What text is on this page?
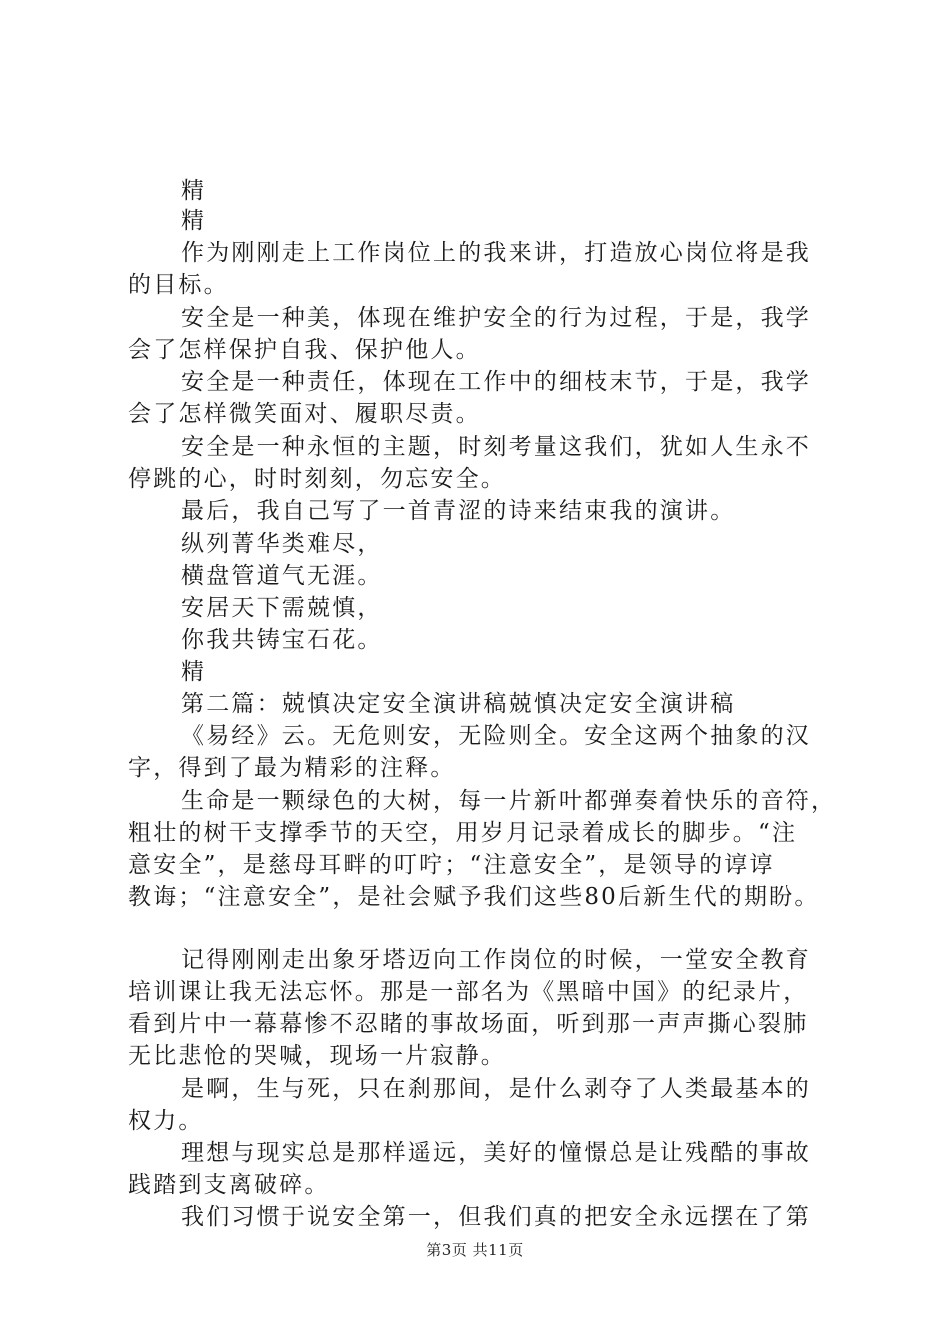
精
精
作为刚刚走上工作岗位上的我来讲，打造放心岗位将是我
的目标。
安全是一种美，体现在维护安全的行为过程，于是，我学
会了怎样保护自我、保护他人。
安全是一种责任，体现在工作中的细枝末节，于是，我学
会了怎样微笑面对、履职尽责。
安全是一种永恒的主题，时刻考量这我们，犹如人生永不
停跳的心，时时刻刻，勿忘安全。
最后，我自己写了一首青涩的诗来结束我的演讲。
纵列菁华类难尽，
横盘管道气无涯。
安居天下需兢慎，
你我共铸宝石花。
精
第二篇：兢慎决定安全演讲稿兢慎决定安全演讲稿
《易经》云。无危则安，无险则全。安全这两个抽象的汉
字，得到了最为精彩的注释。
生命是一颗绿色的大树，每一片新叶都弹奏着快乐的音符，
粗壮的树干支撑季节的天空，用岁月记录着成长的脚步。“注
意安全”，是慈母耳畔的叮咛；“注意安全”，是领导的谆谆
教诲；“注意安全”，是社会赋予我们这些80后新生代的期盼。
记得刚刚走出象牙塔迈向工作岗位的时候，一堂安全教育
培训课让我无法忘怀。那是一部名为《黑暗中国》的纪录片，
看到片中一幕幕惨不忍睹的事故场面，听到那一声声撕心裂肺
无比悲怆的哭喊，现场一片寂静。
是啊，生与死，只在刹那间，是什么剥夺了人类最基本的
权力。
理想与现实总是那样遥远，美好的憧憬总是让残酷的事故
践踏到支离破碎。
我们习惯于说安全第一，但我们真的把安全永远摆在了第
第3页 共11页
